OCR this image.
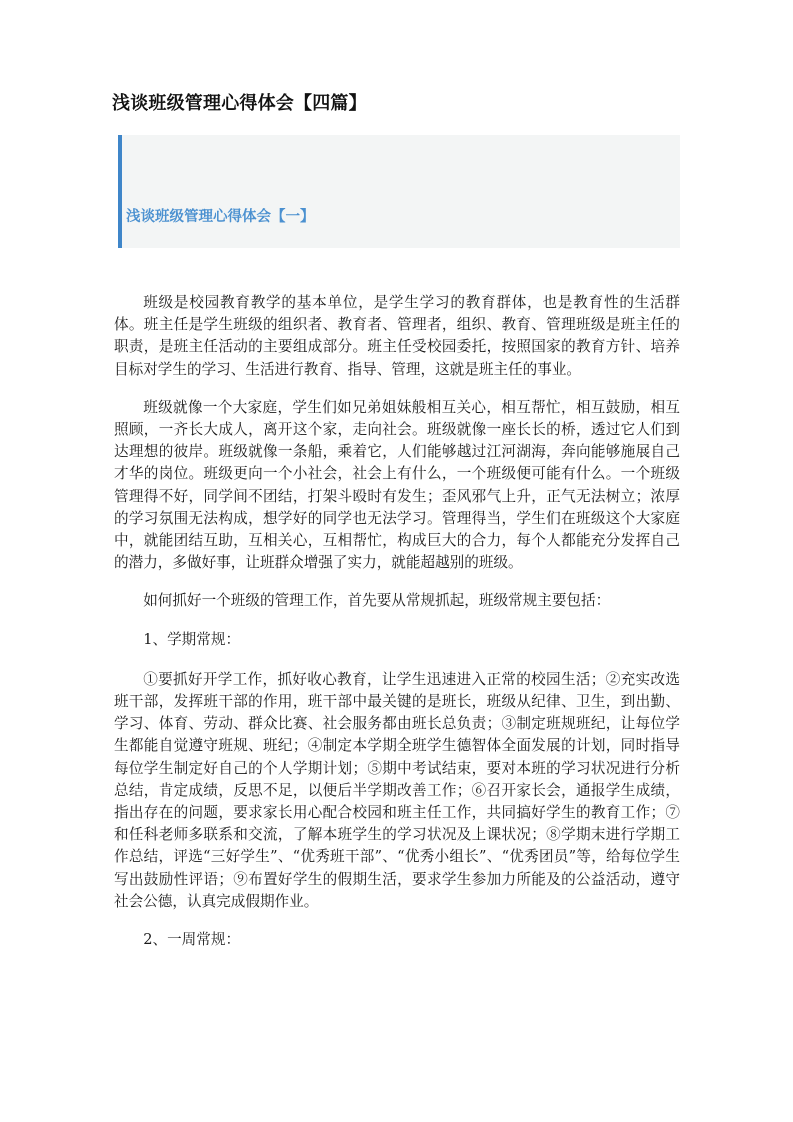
浅谈班级管理心得体会【四篇】
浅谈班级管理心得体会【一】

班级是校园教育教学的基本单位，是学生学习的教育群体，也是教育性的生活群体。班主任是学生班级的组织者、教育者、管理者，组织、教育、管理班级是班主任的职责，是班主任活动的主要组成部分。班主任受校园委托，按照国家的教育方针、培养目标对学生的学习、生活进行教育、指导、管理，这就是班主任的事业。

班级就像一个大家庭，学生们如兄弟姐妹般相互关心，相互帮忙，相互鼓励，相互照顾，一齐长大成人，离开这个家，走向社会。班级就像一座长长的桥，透过它人们到达理想的彼岸。班级就像一条船，乘着它，人们能够越过江河湖海，奔向能够施展自己才华的岗位。班级更向一个小社会，社会上有什么，一个班级便可能有什么。一个班级管理得不好，同学间不团结，打架斗殴时有发生；歪风邪气上升，正气无法树立；浓厚的学习氛围无法构成，想学好的同学也无法学习。管理得当，学生们在班级这个大家庭中，就能团结互助，互相关心，互相帮忙，构成巨大的合力，每个人都能充分发挥自己的潜力，多做好事，让班群众增强了实力，就能超越别的班级。

如何抓好一个班级的管理工作，首先要从常规抓起，班级常规主要包括：

1、学期常规：

①要抓好开学工作，抓好收心教育，让学生迅速进入正常的校园生活；②充实改选班干部，发挥班干部的作用，班干部中最关键的是班长，班级从纪律、卫生，到出勤、学习、体育、劳动、群众比赛、社会服务都由班长总负责；③制定班规班纪，让每位学生都能自觉遵守班规、班纪；④制定本学期全班学生德智体全面发展的计划，同时指导每位学生制定好自己的个人学期计划；⑤期中考试结束，要对本班的学习状况进行分析总结，肯定成绩，反思不足，以便后半学期改善工作；⑥召开家长会，通报学生成绩，指出存在的问题，要求家长用心配合校园和班主任工作，共同搞好学生的教育工作；⑦和任科老师多联系和交流，了解本班学生的学习状况及上课状况；⑧学期末进行学期工作总结，评选“三好学生”、“优秀班干部”、“优秀小组长”、“优秀团员”等，给每位学生写出鼓励性评语；⑨布置好学生的假期生活，要求学生参加力所能及的公益活动，遵守社会公德，认真完成假期作业。

2、一周常规：
